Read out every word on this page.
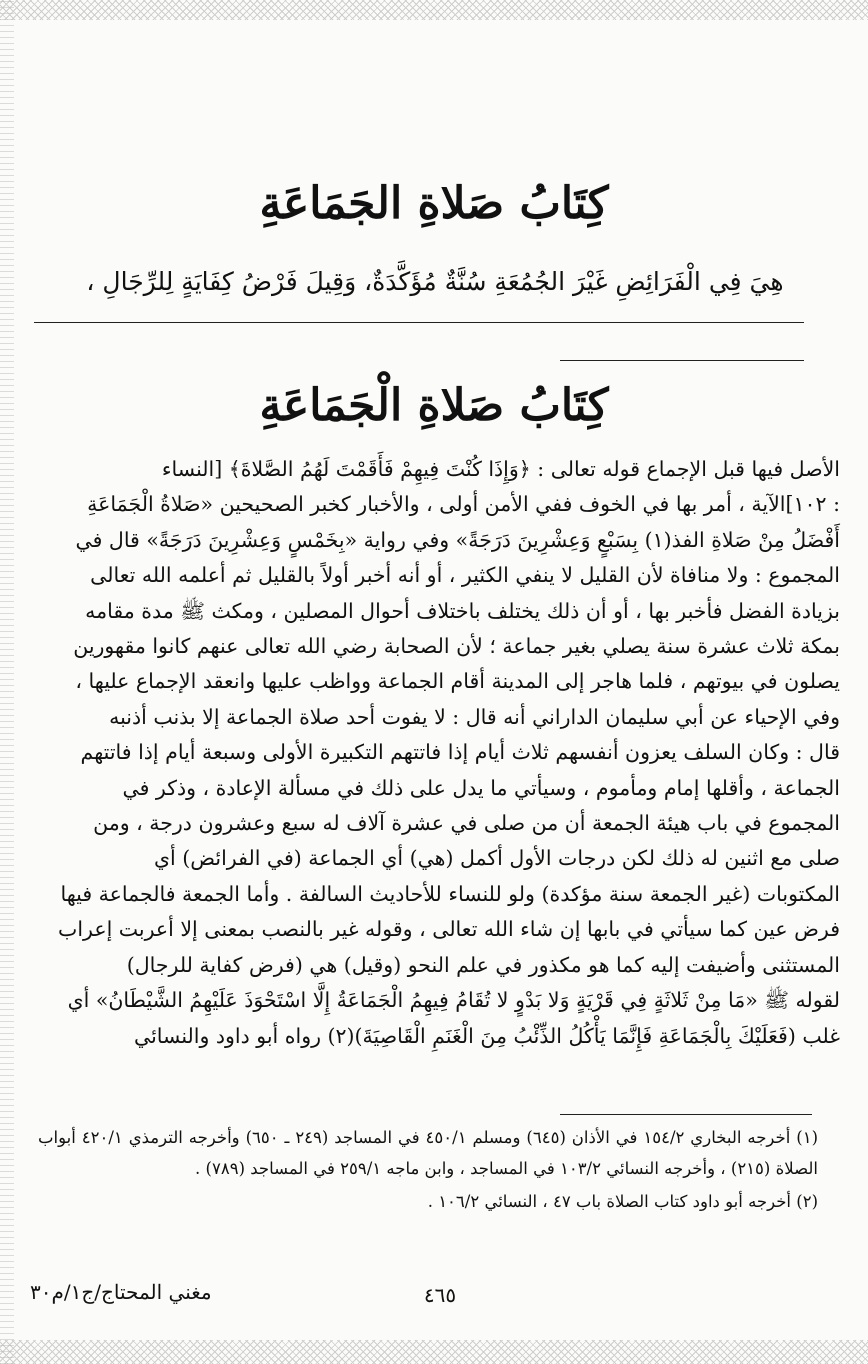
كِتَابُ صَلاةِ الجَمَاعَةِ
هِيَ فِي الْفَرَائِضِ غَيْرَ الجُمُعَةِ سُنَّةٌ مُؤَكَّدَةٌ، وَقِيلَ فَرْضُ كِفَايَةٍ لِلرِّجَالِ ،
كِتَابُ صَلاةِ الْجَمَاعَةِ

الأصل فيها قبل الإجماع قوله تعالى : ﴿وَإِذَا كُنْتَ فِيهِمْ فَأَقَمْتَ لَهُمُ الصَّلاةَ﴾ [النساء

: ١٠٢]الآية ، أمر بها في الخوف ففي الأمن أولى ، والأخبار كخبر الصحيحين «صَلاةُ الْجَمَاعَةِ

أَفْضَلُ مِنْ صَلاةِ الفذ(١) بِسَبْعٍ وَعِشْرِينَ دَرَجَةً» وفي رواية «بِخَمْسٍ وَعِشْرِينَ دَرَجَةً» قال في

المجموع : ولا منافاة لأن القليل لا ينفي الكثير ، أو أنه أخبر أولاً بالقليل ثم أعلمه الله تعالى

بزيادة الفضل فأخبر بها ، أو أن ذلك يختلف باختلاف أحوال المصلين ، ومكث ﷺ مدة مقامه

بمكة ثلاث عشرة سنة يصلي بغير جماعة ؛ لأن الصحابة رضي الله تعالى عنهم كانوا مقهورين

يصلون في بيوتهم ، فلما هاجر إلى المدينة أقام الجماعة وواظب عليها وانعقد الإجماع عليها ،

وفي الإحياء عن أبي سليمان الداراني أنه قال : لا يفوت أحد صلاة الجماعة إلا بذنب أذنبه

قال : وكان السلف يعزون أنفسهم ثلاث أيام إذا فاتتهم التكبيرة الأولى وسبعة أيام إذا فاتتهم

الجماعة ، وأقلها إمام ومأموم ، وسيأتي ما يدل على ذلك في مسألة الإعادة ، وذكر في

المجموع في باب هيئة الجمعة أن من صلى في عشرة آلاف له سبع وعشرون درجة ، ومن

صلى مع اثنين له ذلك لكن درجات الأول أكمل (هي) أي الجماعة (في الفرائض) أي

المكتوبات (غير الجمعة سنة مؤكدة) ولو للنساء للأحاديث السالفة . وأما الجمعة فالجماعة فيها

فرض عين كما سيأتي في بابها إن شاء الله تعالى ، وقوله غير بالنصب بمعنى إلا أعربت إعراب

المستثنى وأضيفت إليه كما هو مكذور في علم النحو (وقيل) هي (فرض كفاية للرجال)

لقوله ﷺ «مَا مِنْ ثَلاثَةٍ فِي قَرْيَةٍ وَلا بَدْوٍ لا تُقَامُ فِيهِمُ الْجَمَاعَةُ إِلَّا اسْتَحْوَذَ عَلَيْهِمُ الشَّيْطَانُ» أي

غلب (فَعَلَيْكَ بِالْجَمَاعَةِ فَإِنَّمَا يَأْكُلُ الذِّئْبُ مِنَ الْغَنَمِ الْقَاصِيَةَ)(٢) رواه أبو داود والنسائي

(١) أخرجه البخاري ١٥٤/٢ في الأذان (٦٤٥) ومسلم ٤٥٠/١ في المساجد (٢٤٩ ـ ٦٥٠) وأخرجه الترمذي ٤٢٠/١ أبواب الصلاة (٢١٥) ، وأخرجه النسائي ١٠٣/٢ في المساجد ، وابن ماجه ٢٥٩/١ في المساجد (٧٨٩) .

(٢) أخرجه أبو داود كتاب الصلاة باب ٤٧ ، النسائي ١٠٦/٢ .

٤٦٥
مغني المحتاج/ج١/م٣٠
